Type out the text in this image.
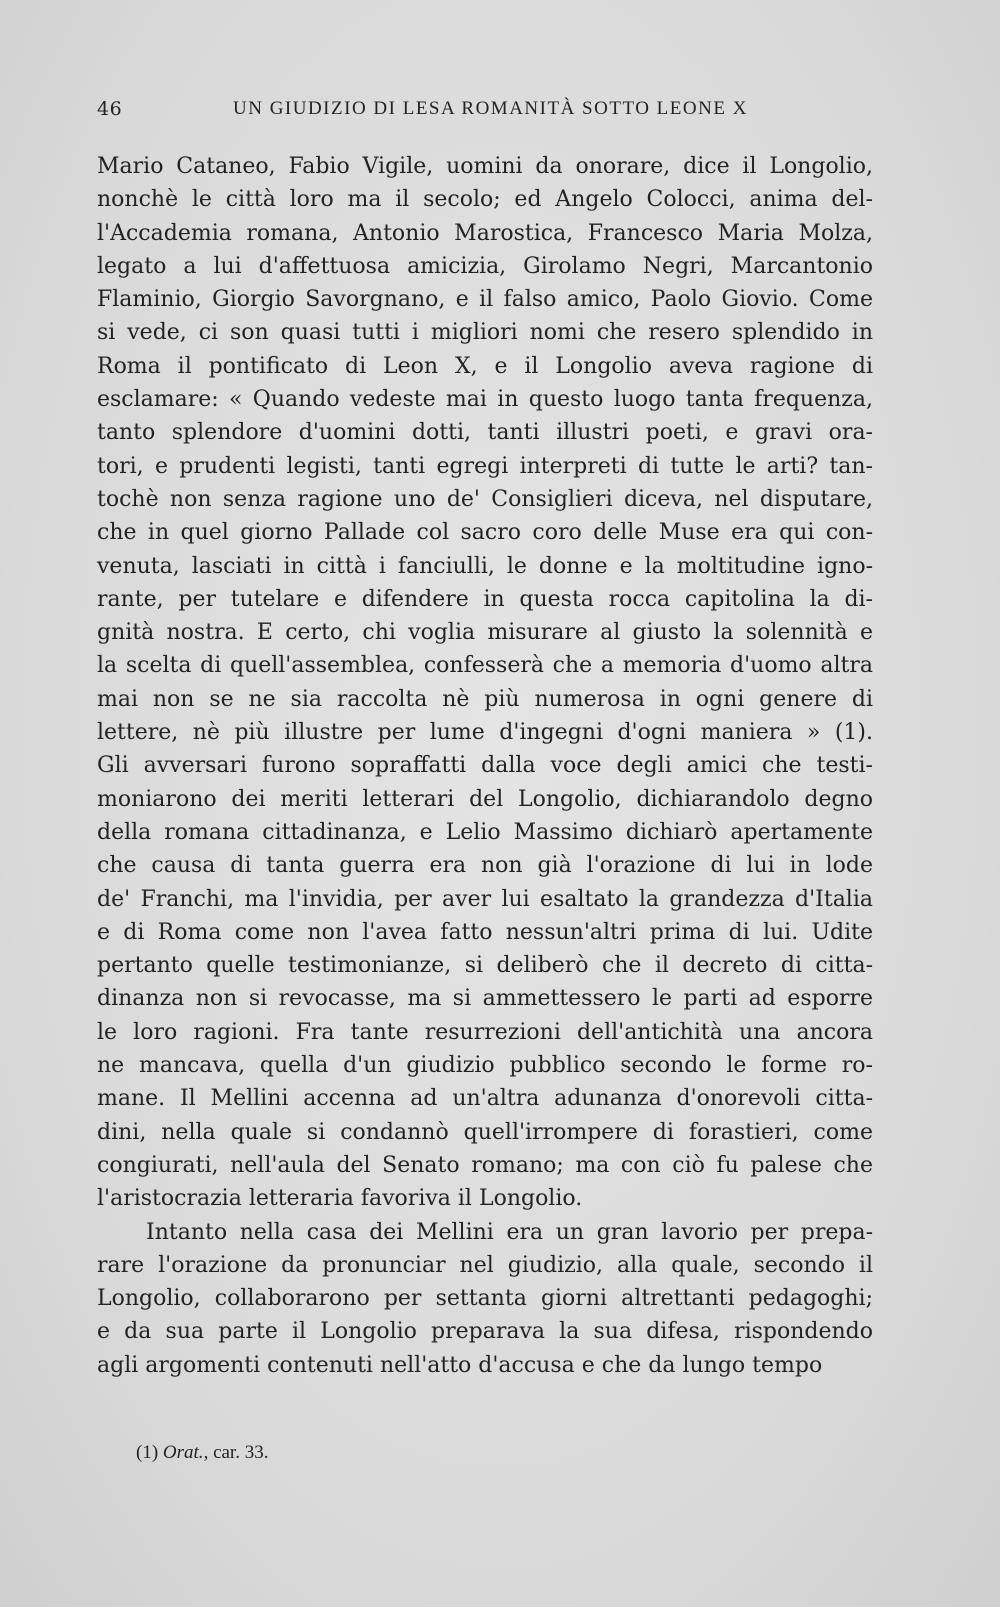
46	UN GIUDIZIO DI LESA ROMANITÀ SOTTO LEONE X
Mario Cataneo, Fabio Vigile, uomini da onorare, dice il Longolio,
nonchè le città loro ma il secolo; ed Angelo Colocci, anima del-
l'Accademia romana, Antonio Marostica, Francesco Maria Molza,
legato a lui d'affettuosa amicizia, Girolamo Negri, Marcantonio
Flaminio, Giorgio Savorgnano, e il falso amico, Paolo Giovio. Come
si vede, ci son quasi tutti i migliori nomi che resero splendido in
Roma il pontificato di Leon X, e il Longolio aveva ragione di
esclamare: « Quando vedeste mai in questo luogo tanta frequenza,
tanto splendore d'uomini dotti, tanti illustri poeti, e gravi ora-
tori, e prudenti legisti, tanti egregi interpreti di tutte le arti? tan-
tochè non senza ragione uno de' Consiglieri diceva, nel disputare,
che in quel giorno Pallade col sacro coro delle Muse era qui con-
venuta, lasciati in città i fanciulli, le donne e la moltitudine igno-
rante, per tutelare e difendere in questa rocca capitolina la di-
gnità nostra. E certo, chi voglia misurare al giusto la solennità e
la scelta di quell'assemblea, confesserà che a memoria d'uomo altra
mai non se ne sia raccolta nè più numerosa in ogni genere di
lettere, nè più illustre per lume d'ingegni d'ogni maniera » (1).
Gli avversari furono sopraffatti dalla voce degli amici che testi-
moniarono dei meriti letterari del Longolio, dichiarandolo degno
della romana cittadinanza, e Lelio Massimo dichiarò apertamente
che causa di tanta guerra era non già l'orazione di lui in lode
de' Franchi, ma l'invidia, per aver lui esaltato la grandezza d'Italia
e di Roma come non l'avea fatto nessun'altri prima di lui. Udite
pertanto quelle testimonianze, si deliberò che il decreto di citta-
dinanza non si revocasse, ma si ammettessero le parti ad esporre
le loro ragioni. Fra tante resurrezioni dell'antichità una ancora
ne mancava, quella d'un giudizio pubblico secondo le forme ro-
mane. Il Mellini accenna ad un'altra adunanza d'onorevoli citta-
dini, nella quale si condannò quell'irrompere di forastieri, come
congiurati, nell'aula del Senato romano; ma con ciò fu palese che
l'aristocrazia letteraria favoriva il Longolio.
Intanto nella casa dei Mellini era un gran lavorio per prepa-
rare l'orazione da pronunciar nel giudizio, alla quale, secondo il
Longolio, collaborarono per settanta giorni altrettanti pedagoghi;
e da sua parte il Longolio preparava la sua difesa, rispondendo
agli argomenti contenuti nell'atto d'accusa e che da lungo tempo
(1) Orat., car. 33.
